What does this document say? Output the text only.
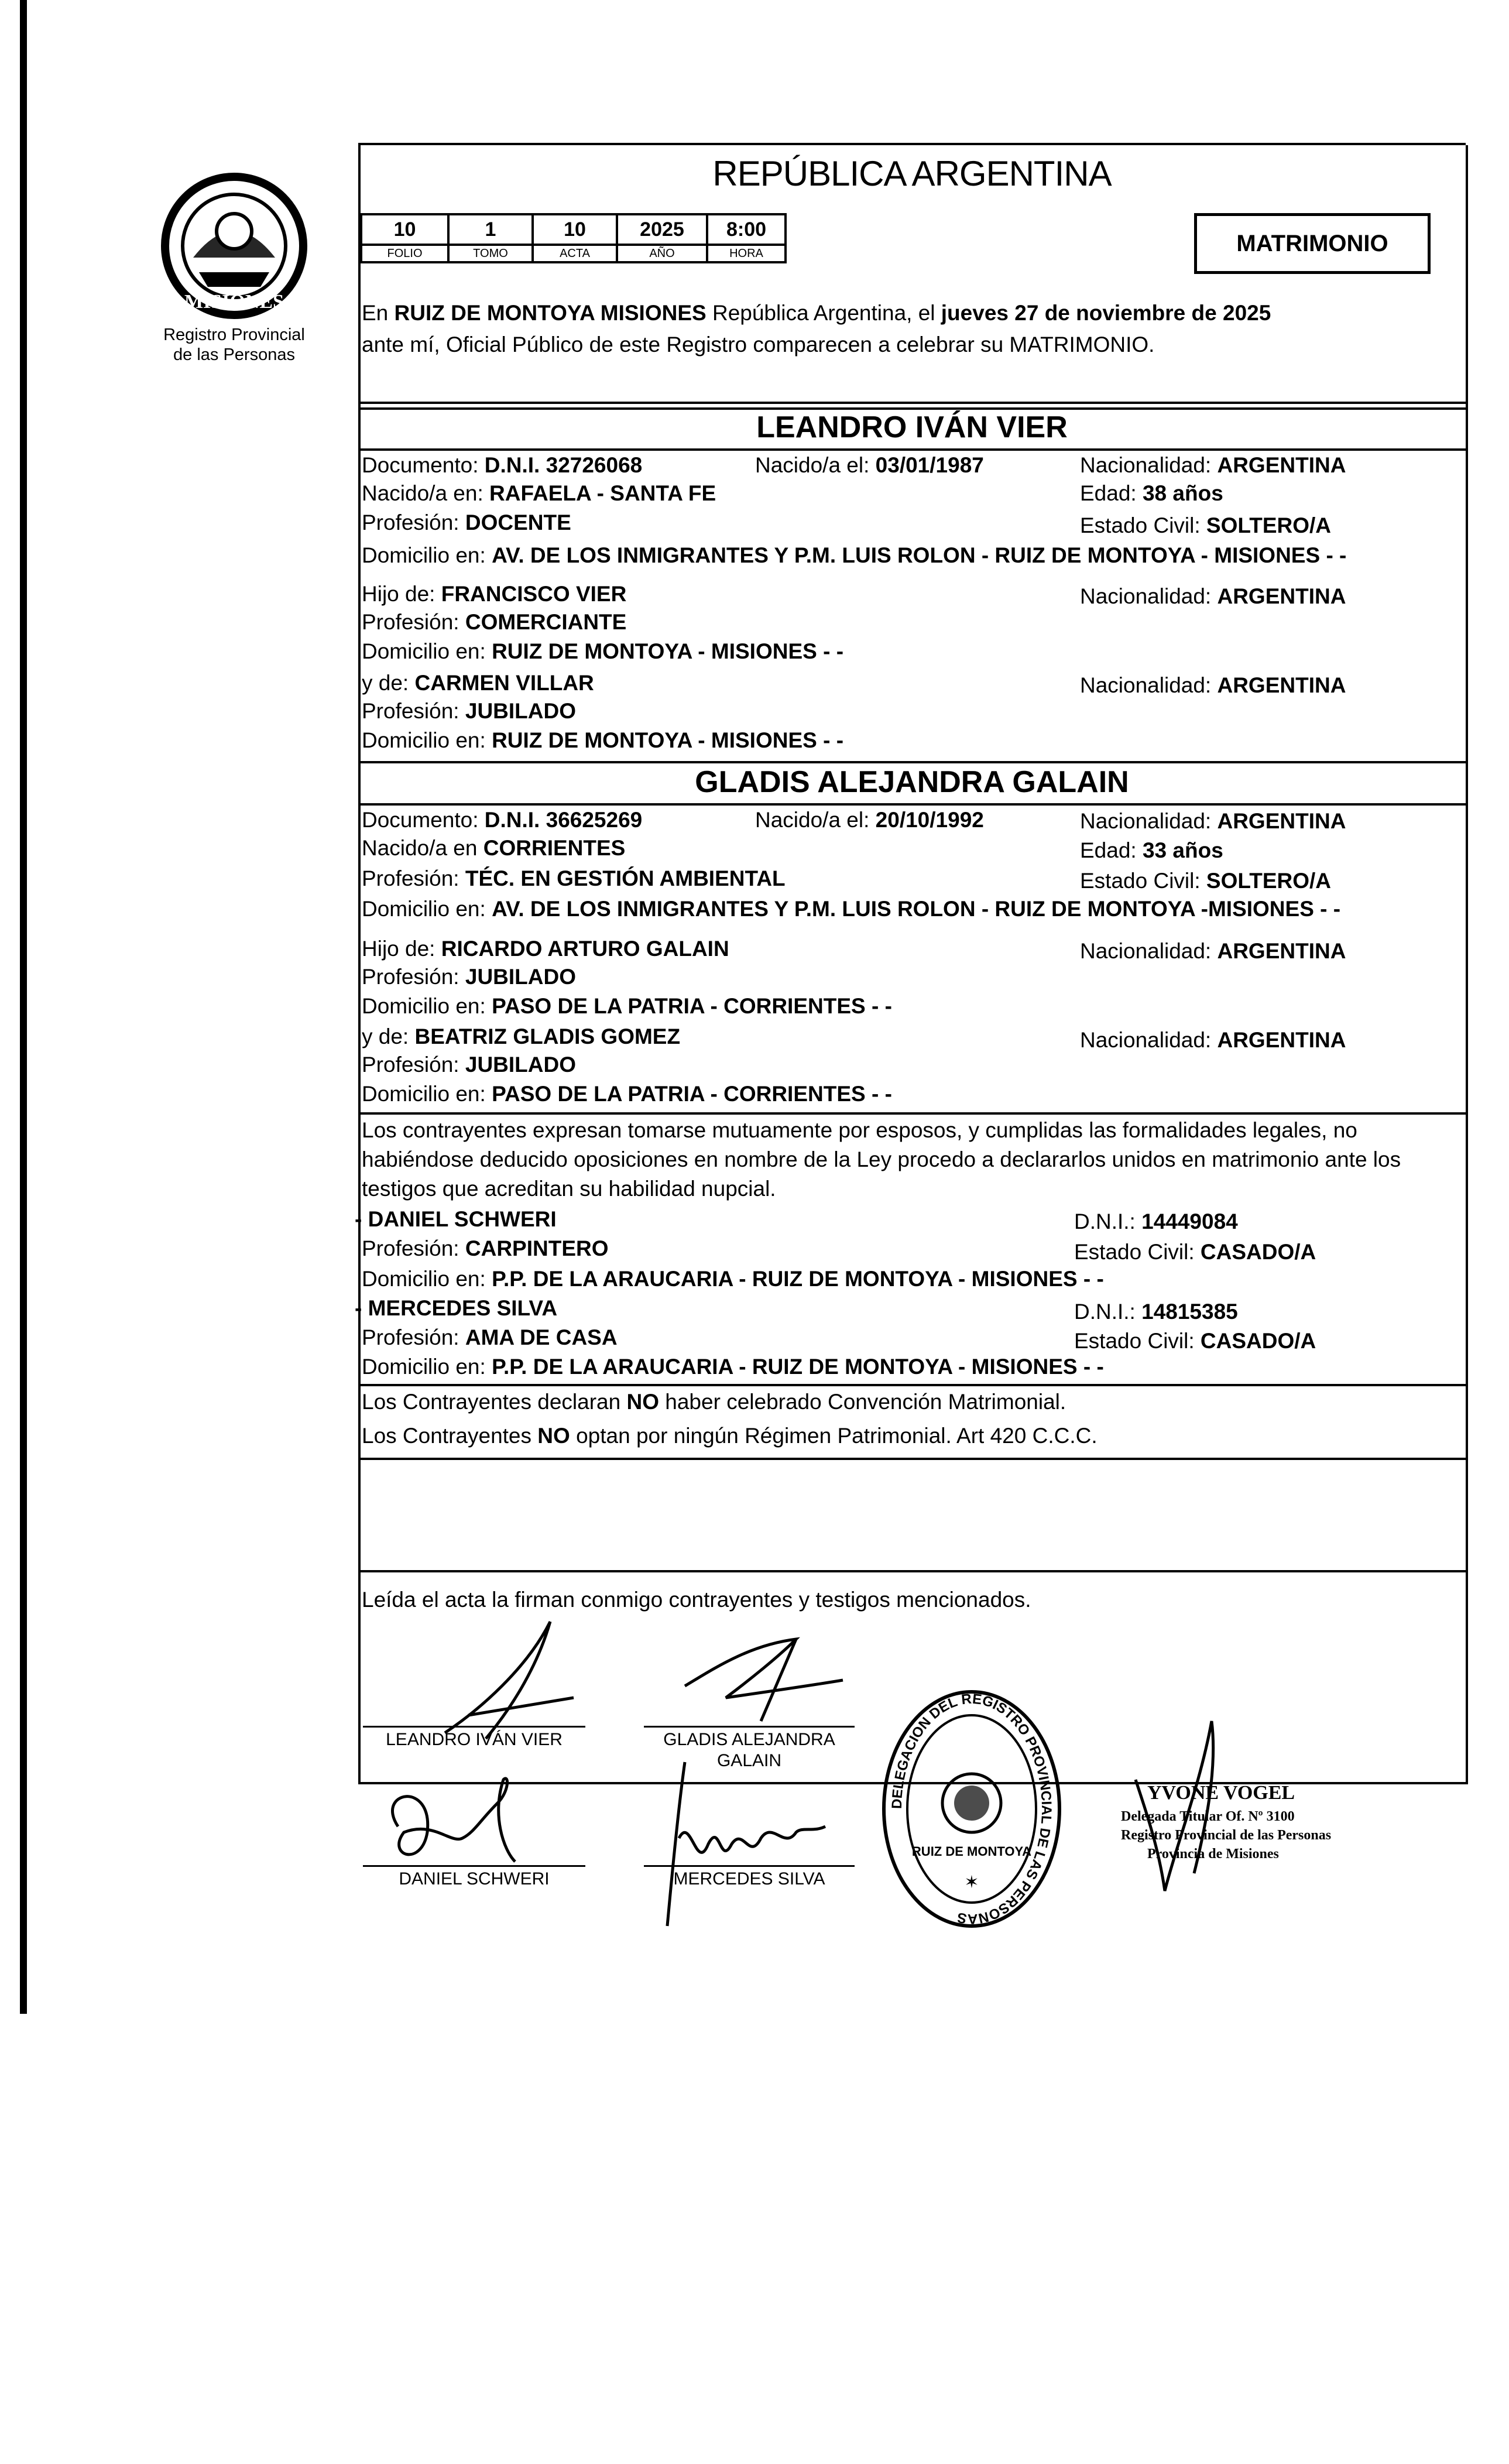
MISIONES
Registro Provincial
de las Personas
REPÚBLICA ARGENTINA
10	1	10	2025	8:00
FOLIO	TOMO	ACTA	AÑO	HORA	MATRIMONIO
En RUIZ DE MONTOYA MISIONES República Argentina, el jueves 27 de noviembre de 2025
ante mí, Oficial Público de este Registro comparecen a celebrar su MATRIMONIO.
LEANDRO IVÁN VIER
Documento: D.N.I. 32726068	Nacido/a el: 03/01/1987	Nacionalidad: ARGENTINA
Nacido/a en: RAFAELA - SANTA FE	Edad: 38 años
Profesión: DOCENTE	Estado Civil: SOLTERO/A
Domicilio en: AV. DE LOS INMIGRANTES Y P.M. LUIS ROLON - RUIZ DE MONTOYA - MISIONES - -
Hijo de: FRANCISCO VIER	Nacionalidad: ARGENTINA
Profesión: COMERCIANTE
Domicilio en: RUIZ DE MONTOYA - MISIONES - -
y de: CARMEN VILLAR	Nacionalidad: ARGENTINA
Profesión: JUBILADO
Domicilio en: RUIZ DE MONTOYA - MISIONES - -
GLADIS ALEJANDRA GALAIN
Documento: D.N.I. 36625269	Nacido/a el: 20/10/1992	Nacionalidad: ARGENTINA
Nacido/a en CORRIENTES	Edad: 33 años
Profesión: TÉC. EN GESTIÓN AMBIENTAL	Estado Civil: SOLTERO/A
Domicilio en: AV. DE LOS INMIGRANTES Y P.M. LUIS ROLON - RUIZ DE MONTOYA -MISIONES - -
Hijo de: RICARDO ARTURO GALAIN	Nacionalidad: ARGENTINA
Profesión: JUBILADO
Domicilio en: PASO DE LA PATRIA - CORRIENTES - -
y de: BEATRIZ GLADIS GOMEZ	Nacionalidad: ARGENTINA
Profesión: JUBILADO
Domicilio en: PASO DE LA PATRIA - CORRIENTES - -
Los contrayentes expresan tomarse mutuamente por esposos, y cumplidas las formalidades legales, no habiéndose deducido oposiciones en nombre de la Ley procedo a declararlos unidos en matrimonio ante los testigos que acreditan su habilidad nupcial.
- DANIEL SCHWERI	D.N.I.: 14449084
Profesión: CARPINTERO	Estado Civil: CASADO/A
Domicilio en: P.P. DE LA ARAUCARIA - RUIZ DE MONTOYA - MISIONES - -
- MERCEDES SILVA	D.N.I.: 14815385
Profesión: AMA DE CASA	Estado Civil: CASADO/A
Domicilio en: P.P. DE LA ARAUCARIA - RUIZ DE MONTOYA - MISIONES - -
Los Contrayentes declaran NO haber celebrado Convención Matrimonial.
Los Contrayentes NO optan por ningún Régimen Patrimonial. Art 420 C.C.C.
Leída el acta la firman conmigo contrayentes y testigos mencionados.
LEANDRO IVÁN VIER	GLADIS ALEJANDRA
GALAIN
DANIEL SCHWERI	MERCEDES SILVA
DELEGACION DEL REGISTRO PROVINCIAL DE LAS PERSONAS
RUIZ DE MONTOYA
✶
YVONE VOGEL
Delegada Titular Of. Nº 3100
Registro Provincial de las Personas
Provincia de Misiones
